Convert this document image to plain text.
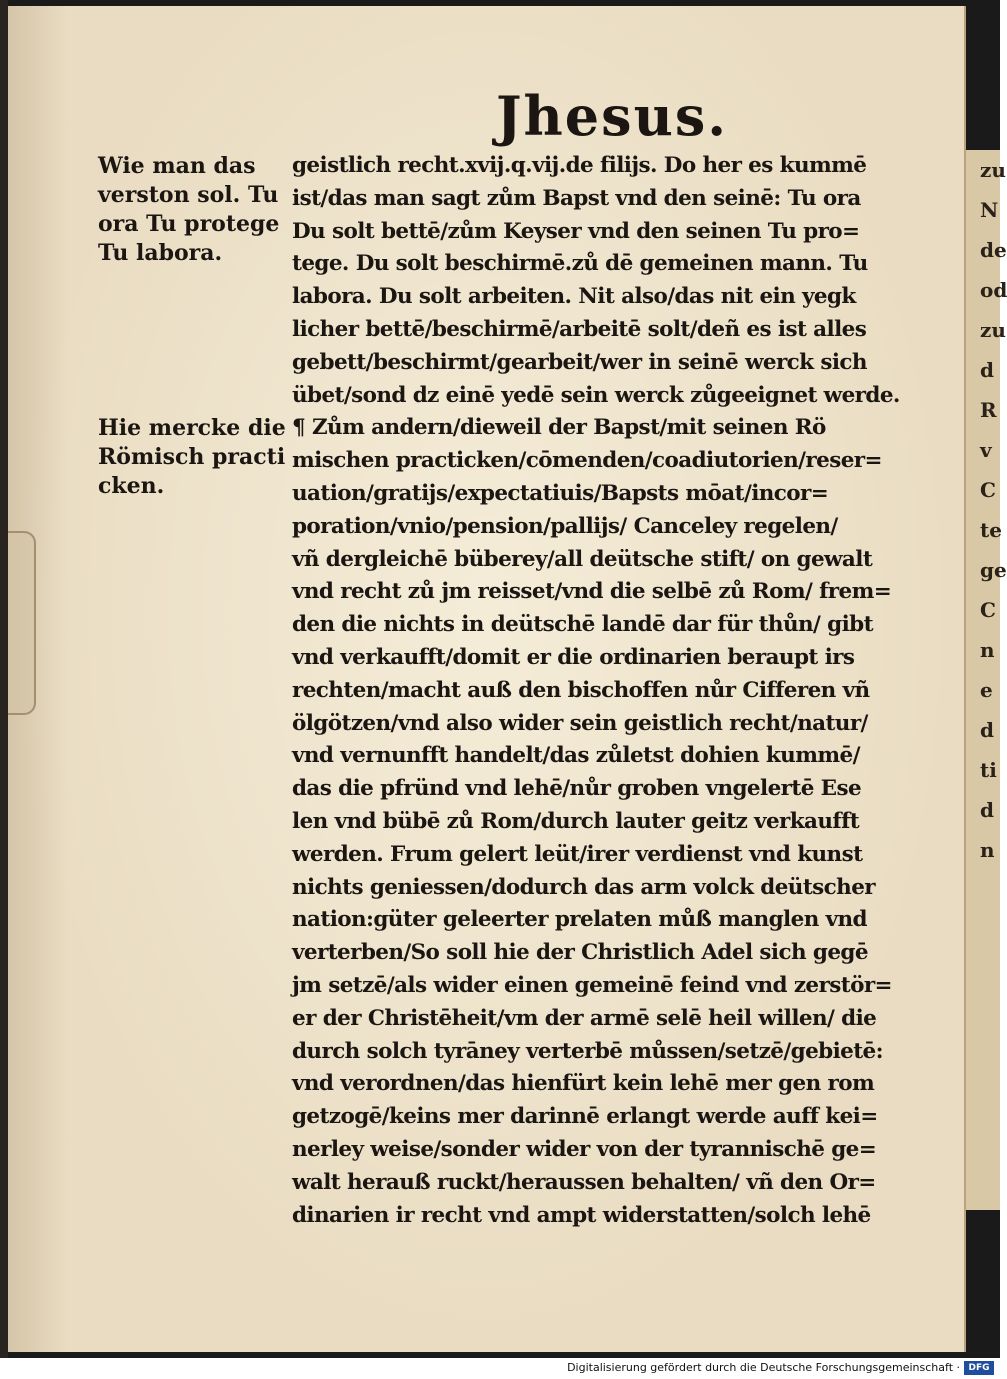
Jhesus.
Wie man das
verston sol. Tu
ora Tu protege
Tu labora.
Hie mercke die
Römisch practi
cken.
geistlich recht.xvij.q.vij.de filijs. Do her es kummē
ist/das man sagt zům Bapst vnd den seinē: Tu ora
Du solt bettē/zům Keyser vnd den seinen Tu pro=
tege. Du solt beschirmē.zů dē gemeinen mann. Tu
labora. Du solt arbeiten. Nit also/das nit ein yegk
licher bettē/beschirmē/arbeitē solt/deñ es ist alles
gebett/beschirmt/gearbeit/wer in seinē werck sich
übet/sond dz einē yedē sein werck zůgeeignet werde.
¶ Zům andern/dieweil der Bapst/mit seinen Rö
mischen practicken/cōmenden/coadiutorien/reser=
uation/gratijs/expectatiuis/Bapsts mōat/incor=
poration/vnio/pension/pallijs/ Canceley regelen/
vñ dergleichē büberey/all deütsche stift/ on gewalt
vnd recht zů jm reisset/vnd die selbē zů Rom/ frem=
den die nichts in deütschē landē dar für thůn/ gibt
vnd verkaufft/domit er die ordinarien beraupt irs
rechten/macht auß den bischoffen nůr Cifferen vñ
ölgötzen/vnd also wider sein geistlich recht/natur/
vnd vernunfft handelt/das zůletst dohien kummē/
das die pfründ vnd lehē/nůr groben vngelertē Ese
len vnd bübē zů Rom/durch lauter geitz verkaufft
werden. Frum gelert leüt/irer verdienst vnd kunst
nichts geniessen/dodurch das arm volck deütscher
nation:güter geleerter prelaten můß manglen vnd
verterben/So soll hie der Christlich Adel sich gegē
jm setzē/als wider einen gemeinē feind vnd zerstör=
er der Christēheit/vm der armē selē heil willen/ die
durch solch tyrāney verterbē můssen/setzē/gebietē:
vnd verordnen/das hienfürt kein lehē mer gen rom
getzogē/keins mer darinnē erlangt werde auff kei=
nerley weise/sonder wider von der tyrannischē ge=
walt herauß ruckt/heraussen behalten/ vñ den Or=
dinarien ir recht vnd ampt widerstatten/solch lehē
zu
N
de
od
zu
d
R
v
C
te
ge
C
n
e
d
ti
d
n
Digitalisierung gefördert durch die Deutsche Forschungsgemeinschaft · DFG
